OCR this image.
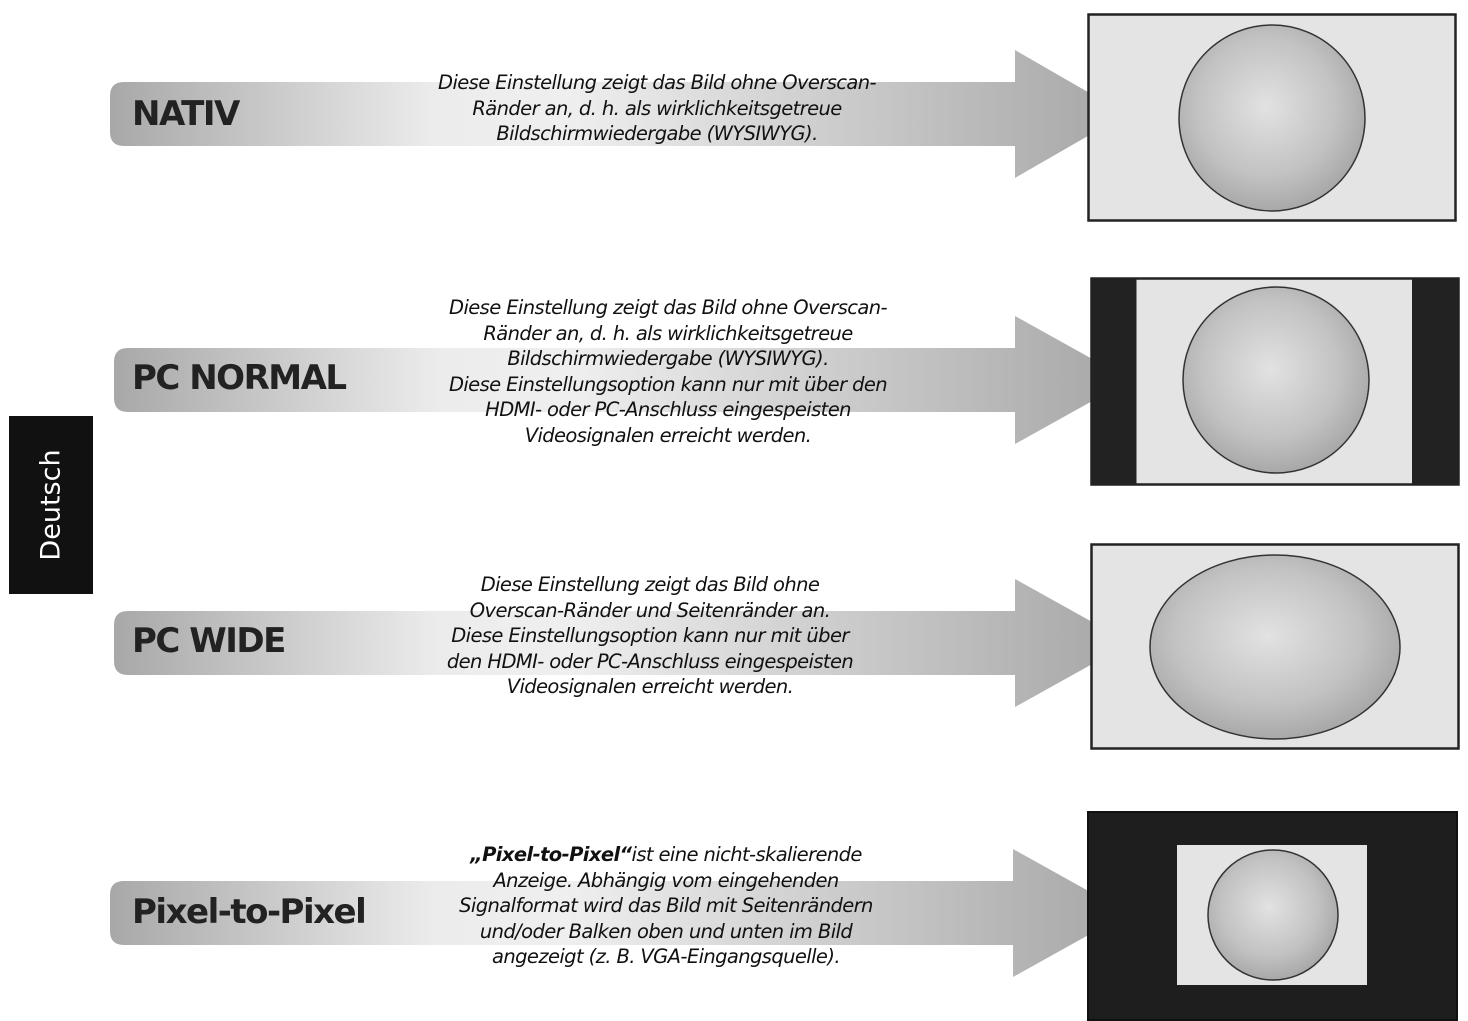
Deutsch
NATIV

Diese Einstellung zeigt das Bild ohne Overscan-
Ränder an, d. h. als wirklichkeitsgetreue
Bildschirmwiedergabe (WYSIWYG).

PC NORMAL

Diese Einstellung zeigt das Bild ohne Overscan-
Ränder an, d. h. als wirklichkeitsgetreue
Bildschirmwiedergabe (WYSIWYG).
Diese Einstellungsoption kann nur mit über den
HDMI- oder PC-Anschluss eingespeisten
Videosignalen erreicht werden.

PC WIDE

Diese Einstellung zeigt das Bild ohne
Overscan-Ränder und Seitenränder an.
Diese Einstellungsoption kann nur mit über
den HDMI- oder PC-Anschluss eingespeisten
Videosignalen erreicht werden.

Pixel-to-Pixel

„Pixel-to-Pixel“ist eine nicht-skalierende
Anzeige. Abhängig vom eingehenden
Signalformat wird das Bild mit Seitenrändern
und/oder Balken oben und unten im Bild
angezeigt (z. B. VGA-Eingangsquelle).
